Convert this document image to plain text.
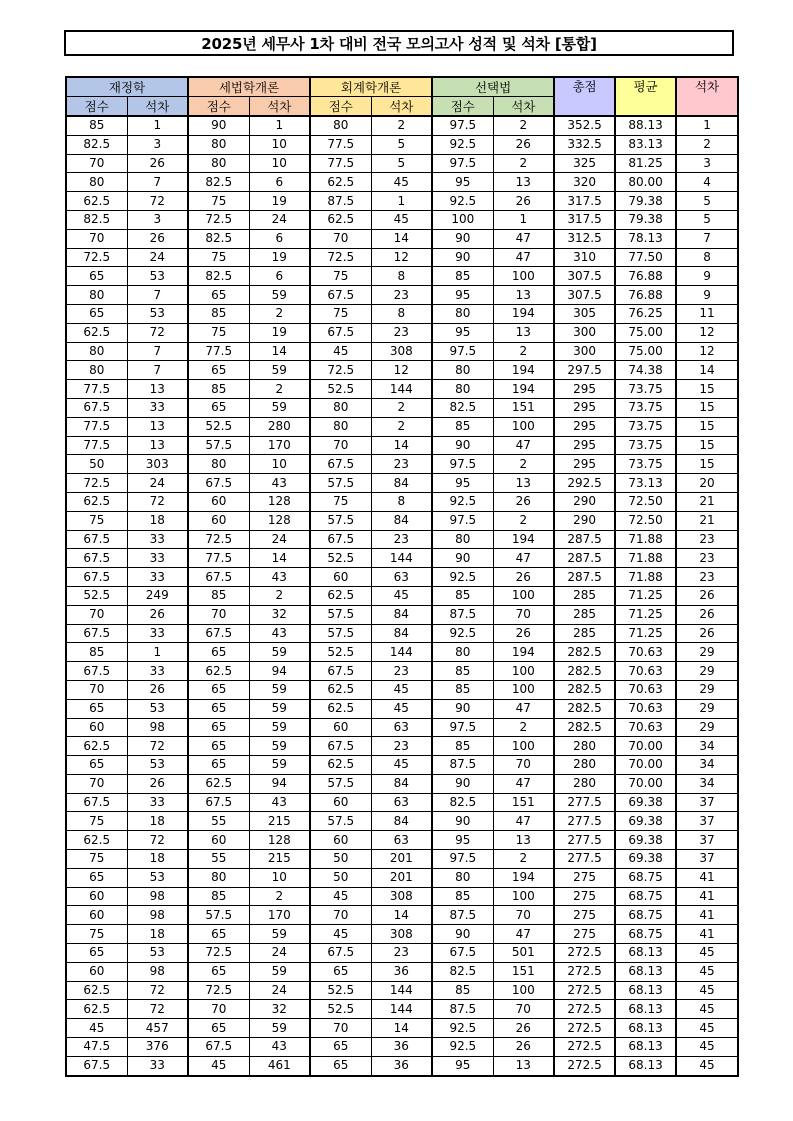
2025년 세무사 1차 대비 전국 모의고사 성적 및 석차 [통합]
재정학		세법학개론		회계학개론		선택법		총점	평균	석차
점수	석차	점수	석차	점수	석차	점수	석차			
85	1	90	1	80	2	97.5	2	352.5	88.13	1
82.5	3	80	10	77.5	5	92.5	26	332.5	83.13	2
70	26	80	10	77.5	5	97.5	2	325	81.25	3
80	7	82.5	6	62.5	45	95	13	320	80.00	4
62.5	72	75	19	87.5	1	92.5	26	317.5	79.38	5
82.5	3	72.5	24	62.5	45	100	1	317.5	79.38	5
70	26	82.5	6	70	14	90	47	312.5	78.13	7
72.5	24	75	19	72.5	12	90	47	310	77.50	8
65	53	82.5	6	75	8	85	100	307.5	76.88	9
80	7	65	59	67.5	23	95	13	307.5	76.88	9
65	53	85	2	75	8	80	194	305	76.25	11
62.5	72	75	19	67.5	23	95	13	300	75.00	12
80	7	77.5	14	45	308	97.5	2	300	75.00	12
80	7	65	59	72.5	12	80	194	297.5	74.38	14
77.5	13	85	2	52.5	144	80	194	295	73.75	15
67.5	33	65	59	80	2	82.5	151	295	73.75	15
77.5	13	52.5	280	80	2	85	100	295	73.75	15
77.5	13	57.5	170	70	14	90	47	295	73.75	15
50	303	80	10	67.5	23	97.5	2	295	73.75	15
72.5	24	67.5	43	57.5	84	95	13	292.5	73.13	20
62.5	72	60	128	75	8	92.5	26	290	72.50	21
75	18	60	128	57.5	84	97.5	2	290	72.50	21
67.5	33	72.5	24	67.5	23	80	194	287.5	71.88	23
67.5	33	77.5	14	52.5	144	90	47	287.5	71.88	23
67.5	33	67.5	43	60	63	92.5	26	287.5	71.88	23
52.5	249	85	2	62.5	45	85	100	285	71.25	26
70	26	70	32	57.5	84	87.5	70	285	71.25	26
67.5	33	67.5	43	57.5	84	92.5	26	285	71.25	26
85	1	65	59	52.5	144	80	194	282.5	70.63	29
67.5	33	62.5	94	67.5	23	85	100	282.5	70.63	29
70	26	65	59	62.5	45	85	100	282.5	70.63	29
65	53	65	59	62.5	45	90	47	282.5	70.63	29
60	98	65	59	60	63	97.5	2	282.5	70.63	29
62.5	72	65	59	67.5	23	85	100	280	70.00	34
65	53	65	59	62.5	45	87.5	70	280	70.00	34
70	26	62.5	94	57.5	84	90	47	280	70.00	34
67.5	33	67.5	43	60	63	82.5	151	277.5	69.38	37
75	18	55	215	57.5	84	90	47	277.5	69.38	37
62.5	72	60	128	60	63	95	13	277.5	69.38	37
75	18	55	215	50	201	97.5	2	277.5	69.38	37
65	53	80	10	50	201	80	194	275	68.75	41
60	98	85	2	45	308	85	100	275	68.75	41
60	98	57.5	170	70	14	87.5	70	275	68.75	41
75	18	65	59	45	308	90	47	275	68.75	41
65	53	72.5	24	67.5	23	67.5	501	272.5	68.13	45
60	98	65	59	65	36	82.5	151	272.5	68.13	45
62.5	72	72.5	24	52.5	144	85	100	272.5	68.13	45
62.5	72	70	32	52.5	144	87.5	70	272.5	68.13	45
45	457	65	59	70	14	92.5	26	272.5	68.13	45
47.5	376	67.5	43	65	36	92.5	26	272.5	68.13	45
67.5	33	45	461	65	36	95	13	272.5	68.13	45
